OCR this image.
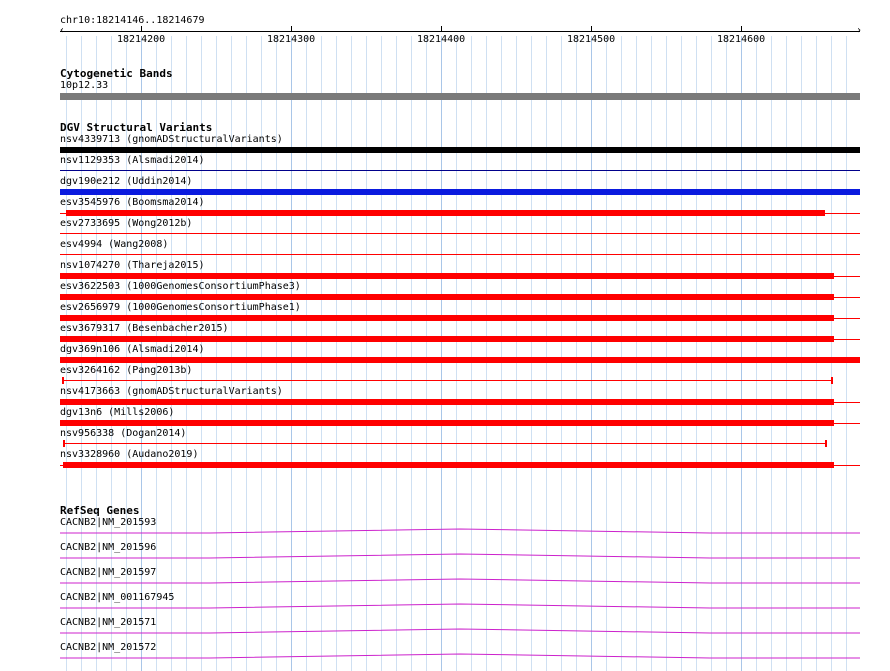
chr10:18214146..18214679
‹	›
18214200	18214300	18214400	18214500	18214600
Cytogenetic Bands
10p12.33
DGV Structural Variants
nsv4339713 (gnomADStructuralVariants)
nsv1129353 (Alsmadi2014)
dgv190e212 (Uddin2014)
esv3545976 (Boomsma2014)
esv2733695 (Wong2012b)
esv4994 (Wang2008)
nsv1074270 (Thareja2015)
esv3622503 (1000GenomesConsortiumPhase3)
esv2656979 (1000GenomesConsortiumPhase1)
esv3679317 (Besenbacher2015)
dgv369n106 (Alsmadi2014)
esv3264162 (Pang2013b)
nsv4173663 (gnomADStructuralVariants)
dgv13n6 (Mills2006)
nsv956338 (Dogan2014)
nsv3328960 (Audano2019)
RefSeq Genes
CACNB2|NM_201593
CACNB2|NM_201596
CACNB2|NM_201597
CACNB2|NM_001167945
CACNB2|NM_201571
CACNB2|NM_201572
